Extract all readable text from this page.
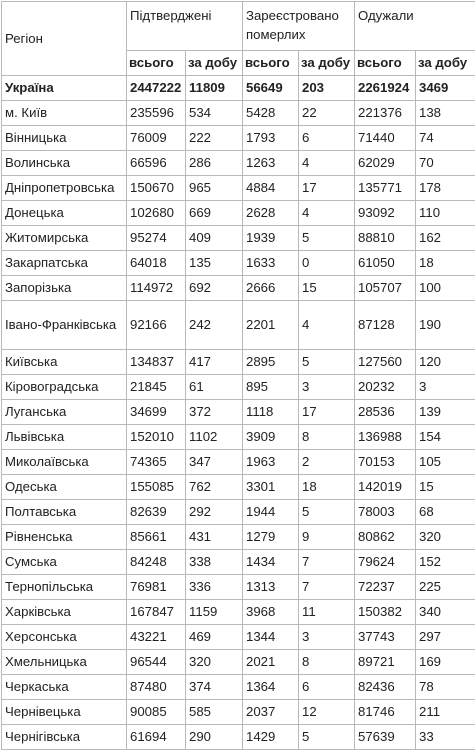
Регіон	Підтверджені		Зареєстровано померлих		Одужали	
	всього	за добу	всього	за добу	всього	за добу
Україна	2447222	11809	56649	203	2261924	3469
м. Київ	235596	534	5428	22	221376	138
Вінницька	76009	222	1793	6	71440	74
Волинська	66596	286	1263	4	62029	70
Дніпропетровська	150670	965	4884	17	135771	178
Донецька	102680	669	2628	4	93092	110
Житомирська	95274	409	1939	5	88810	162
Закарпатська	64018	135	1633	0	61050	18
Запорізька	114972	692	2666	15	105707	100
Івано-Франківська	92166	242	2201	4	87128	190
Київська	134837	417	2895	5	127560	120
Кіровоградська	21845	61	895	3	20232	3
Луганська	34699	372	1118	17	28536	139
Львівська	152010	1102	3909	8	136988	154
Миколаївська	74365	347	1963	2	70153	105
Одеська	155085	762	3301	18	142019	15
Полтавська	82639	292	1944	5	78003	68
Рівненська	85661	431	1279	9	80862	320
Сумська	84248	338	1434	7	79624	152
Тернопільська	76981	336	1313	7	72237	225
Харківська	167847	1159	3968	11	150382	340
Херсонська	43221	469	1344	3	37743	297
Хмельницька	96544	320	2021	8	89721	169
Черкаська	87480	374	1364	6	82436	78
Чернівецька	90085	585	2037	12	81746	211
Чернігівська	61694	290	1429	5	57639	33
